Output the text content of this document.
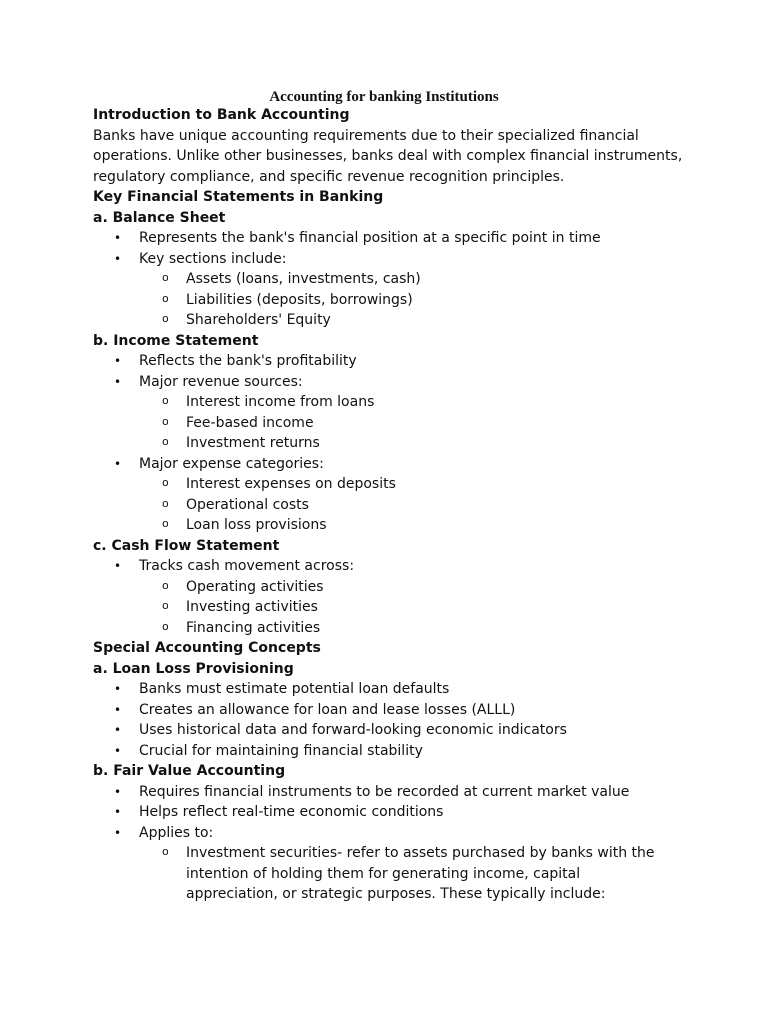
Accounting for banking Institutions
Introduction to Bank Accounting
Banks have unique accounting requirements due to their specialized financial operations. Unlike other businesses, banks deal with complex financial instruments, regulatory compliance, and specific revenue recognition principles.
Key Financial Statements in Banking
a. Balance Sheet
• Represents the bank's financial position at a specific point in time
• Key sections include:
o Assets (loans, investments, cash)
o Liabilities (deposits, borrowings)
o Shareholders' Equity
b. Income Statement
• Reflects the bank's profitability
• Major revenue sources:
o Interest income from loans
o Fee-based income
o Investment returns
• Major expense categories:
o Interest expenses on deposits
o Operational costs
o Loan loss provisions
c. Cash Flow Statement
• Tracks cash movement across:
o Operating activities
o Investing activities
o Financing activities
Special Accounting Concepts
a. Loan Loss Provisioning
• Banks must estimate potential loan defaults
• Creates an allowance for loan and lease losses (ALLL)
• Uses historical data and forward-looking economic indicators
• Crucial for maintaining financial stability
b. Fair Value Accounting
• Requires financial instruments to be recorded at current market value
• Helps reflect real-time economic conditions
• Applies to:
o Investment securities- refer to assets purchased by banks with the intention of holding them for generating income, capital appreciation, or strategic purposes. These typically include:
